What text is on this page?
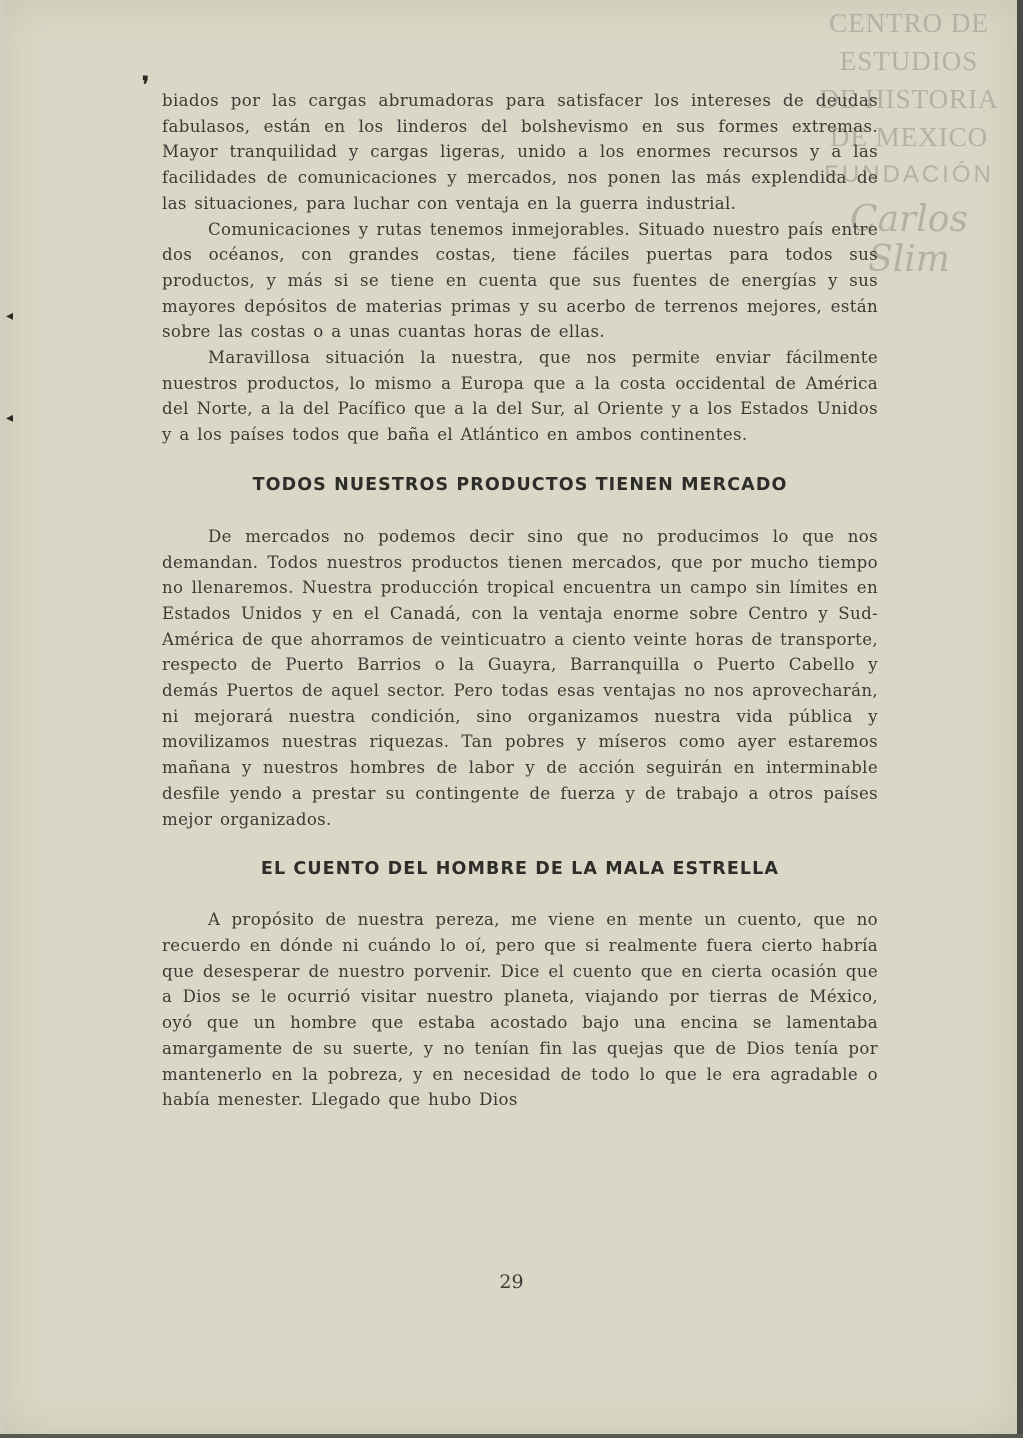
CENTRO DE
ESTUDIOS
DE HISTORIA
DE MEXICO
FUNDACIÓN
Carlos Slim
❜
◂
◂

biados por las cargas abrumadoras para satisfacer los intereses de deudas fabulasos, están en los linderos del bolshevismo en sus formes extremas. Mayor tranquilidad y cargas ligeras, unido a los enormes recursos y a las facilidades de comunicaciones y mercados, nos ponen las más explendida de las situaciones, para luchar con ventaja en la guerra industrial.

Comunicaciones y rutas tenemos inmejorables. Situado nuestro país entre dos océanos, con grandes costas, tiene fáciles puertas para todos sus productos, y más si se tiene en cuenta que sus fuentes de energías y sus mayores depósitos de materias primas y su acerbo de terrenos mejores, están sobre las costas o a unas cuantas horas de ellas.

Maravillosa situación la nuestra, que nos permite enviar fácilmente nuestros productos, lo mismo a Europa que a la costa occidental de América del Norte, a la del Pacífico que a la del Sur, al Oriente y a los Estados Unidos y a los países todos que baña el Atlántico en ambos continentes.

TODOS NUESTROS PRODUCTOS TIENEN MERCADO

De mercados no podemos decir sino que no producimos lo que nos demandan. Todos nuestros productos tienen mercados, que por mucho tiempo no llenaremos. Nuestra producción tropical encuentra un campo sin límites en Estados Unidos y en el Canadá, con la ventaja enorme sobre Centro y Sud-América de que ahorramos de veinticuatro a ciento veinte horas de transporte, respecto de Puerto Barrios o la Guayra, Barranquilla o Puerto Cabello y demás Puertos de aquel sector. Pero todas esas ventajas no nos aprovecharán, ni mejorará nuestra condición, sino organizamos nuestra vida pública y movilizamos nuestras riquezas. Tan pobres y míseros como ayer estaremos mañana y nuestros hombres de labor y de acción seguirán en interminable desfile yendo a prestar su contingente de fuerza y de trabajo a otros países mejor organizados.

EL CUENTO DEL HOMBRE DE LA MALA ESTRELLA

A propósito de nuestra pereza, me viene en mente un cuento, que no recuerdo en dónde ni cuándo lo oí, pero que si realmente fuera cierto habría que desesperar de nuestro porvenir. Dice el cuento que en cierta ocasión que a Dios se le ocurrió visitar nuestro planeta, viajando por tierras de México, oyó que un hombre que estaba acostado bajo una encina se lamentaba amargamente de su suerte, y no tenían fin las quejas que de Dios tenía por mantenerlo en la pobreza, y en necesidad de todo lo que le era agradable o había menester. Llegado que hubo Dios

29
